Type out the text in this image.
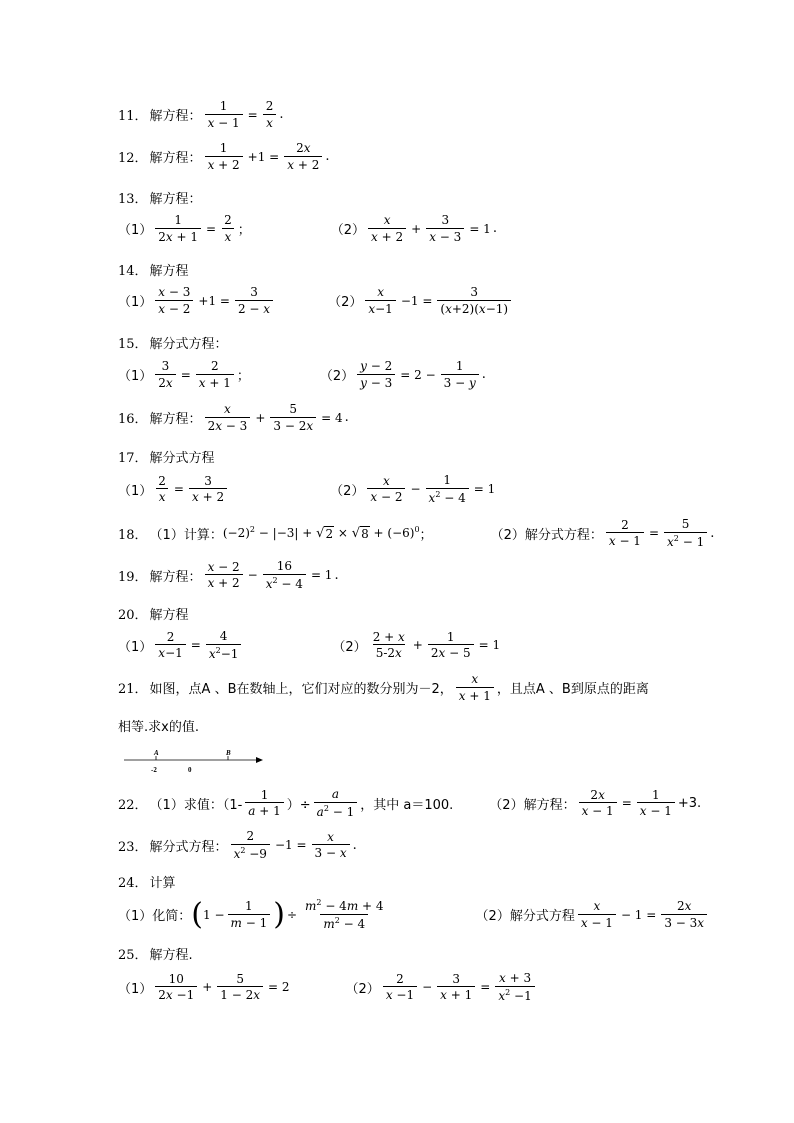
11． 解方程： $\frac{1}{x - 1} = \frac{2}{x}$ .
12． 解方程： $\frac{1}{x + 2} +1 = \frac{2x}{x + 2}$ .
13． 解方程：
$(1) \frac{1}{2x + 1} = \frac{2}{x}$ ；	$(2) \frac{x}{x + 2} + \frac{3}{x - 3} = 1$ .
14． 解方程
$(1) \frac{x - 3}{x - 2} +1 = \frac{3}{2 - x}$	$(2) \frac{x}{x-1} -1 = \frac{3}{(x+2)(x-1)}$
15． 解分式方程：
$(1) \frac{3}{2x} = \frac{2}{x + 1}$ ；	$(2) \frac{y - 2}{y - 3} = 2 - \frac{1}{3 - y}$ .
16． 解方程： $\frac{x}{2x - 3} + \frac{5}{3 - 2x} = 4$ .
17． 解分式方程
$(1) \frac{2}{x} = \frac{3}{x + 2}$	$(2) \frac{x}{x - 2} - \frac{1}{x^2 - 4} = 1$
18． （1）计算： $(-2)^2 - |-3|$ + √ 2 × √ $8 + (-6)^0$ ；	（2）解分式方程： $\frac{2}{x - 1} = \frac{5}{x^2 - 1}$ .
19． 解方程： $\frac{x - 2}{x + 2} - \frac{16}{x^2 - 4} = 1$ .
20． 解方程
$(1) \frac{2}{x-1} = \frac{4}{x^2-1}$	$(2) \frac{2 + x}{5-2x} + \frac{1}{2x - 5} = 1$
21． 如图，点A 、B在数轴上，它们对应的数分别为－2， $\frac{x}{x + 1}$ ，且点A 、B到原点的距离
相等.求x的值.
A	B
-2	0
22． （1）求值：（$1- \frac{1}{a + 1}$ ）÷ $\frac{a}{a^2 - 1}$ ，其中 a＝100.	（2）解方程： $\frac{2x}{x - 1} = \frac{1}{x - 1} +3$.
23． 解分式方程： $\frac{2}{x^2 -9} -1 = \frac{x}{3 - x}$ .
24． 计算
（1）化简： ( $1 - \frac{1}{m - 1}$ ) ÷ $\frac{m^2 - 4m + 4}{m^2 - 4}$	（2）解分式方程 $\frac{x}{x - 1} - 1 = \frac{2x}{3 - 3x}$
25． 解方程.
$(1) \frac{10}{2x -1} + \frac{5}{1 - 2x} = 2$	$(2) \frac{2}{x -1} - \frac{3}{x + 1} = \frac{x + 3}{x^2 -1}$
